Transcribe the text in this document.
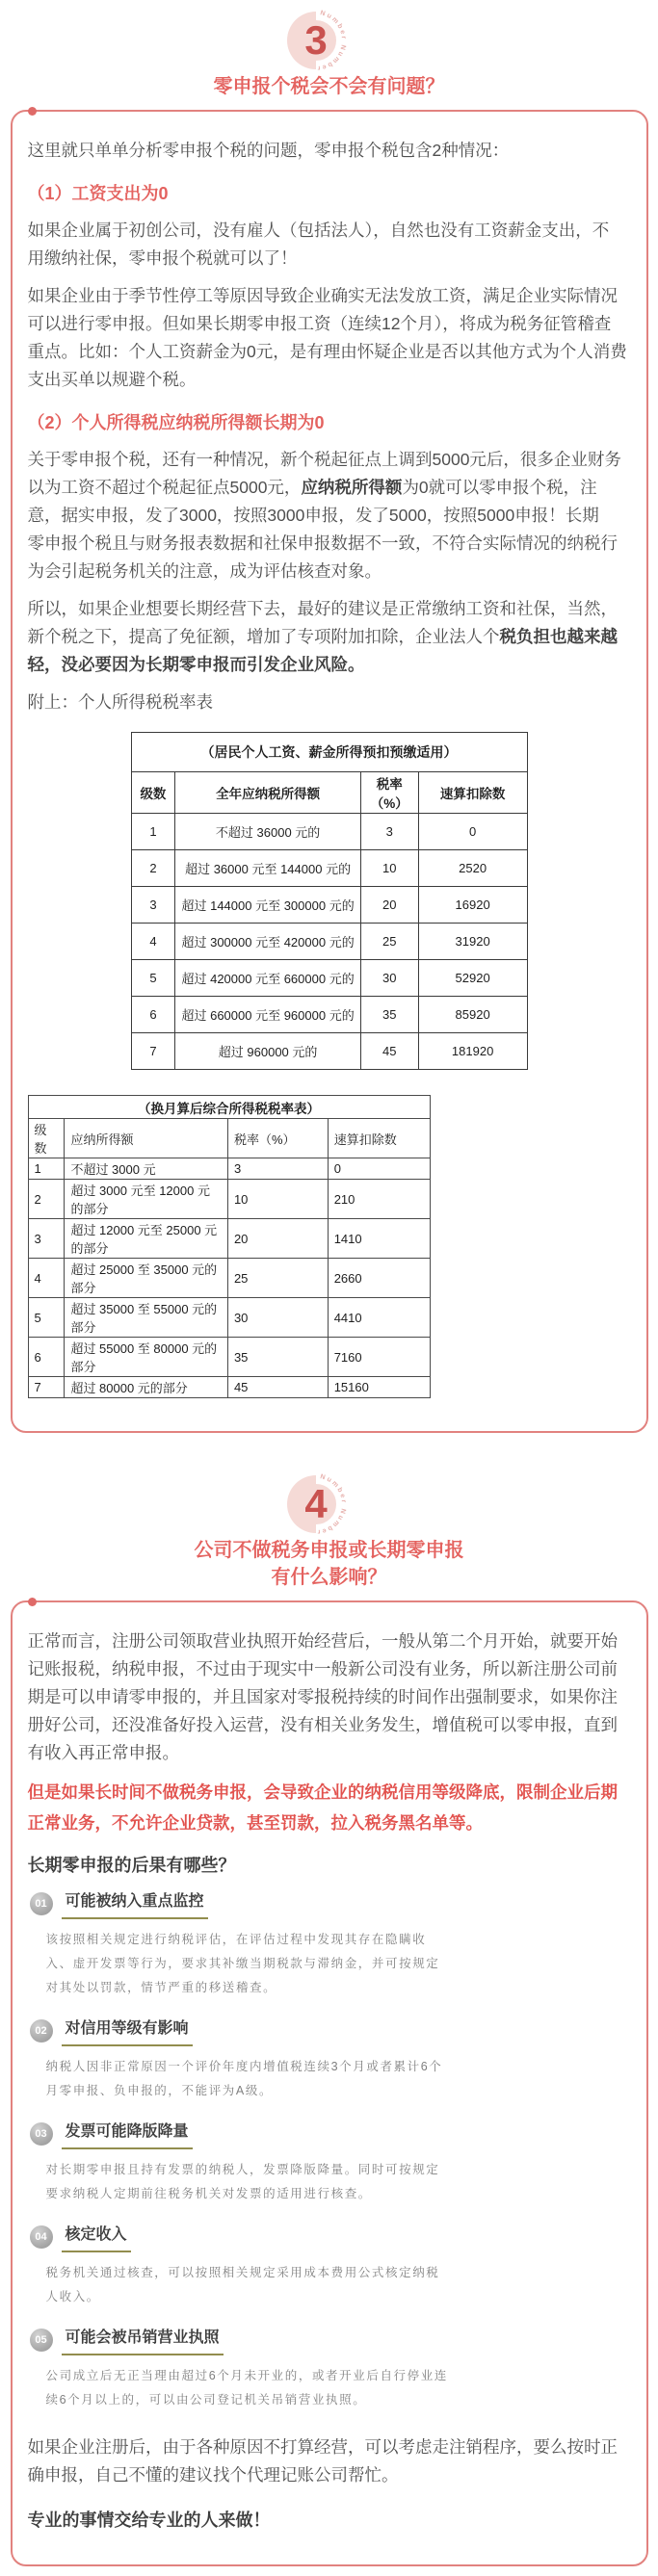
Number Number
3
零申报个税会不会有问题？

这里就只单单分析零申报个税的问题，零申报个税包含2种情况：

（1）工资支出为0

如果企业属于初创公司，没有雇人（包括法人），自然也没有工资薪金支出，不
用缴纳社保，零申报个税就可以了！

如果企业由于季节性停工等原因导致企业确实无法发放工资，满足企业实际情况
可以进行零申报。但如果长期零申报工资（连续12个月），将成为税务征管稽查
重点。比如：个人工资薪金为0元，是有理由怀疑企业是否以其他方式为个人消费
支出买单以规避个税。

（2）个人所得税应纳税所得额长期为0

关于零申报个税，还有一种情况，新个税起征点上调到5000元后，很多企业财务
以为工资不超过个税起征点5000元，应纳税所得额为0就可以零申报个税，注
意，据实申报，发了3000，按照3000申报，发了5000，按照5000申报！长期
零申报个税且与财务报表数据和社保申报数据不一致，不符合实际情况的纳税行
为会引起税务机关的注意，成为评估核查对象。

所以，如果企业想要长期经营下去，最好的建议是正常缴纳工资和社保，当然，
新个税之下，提高了免征额，增加了专项附加扣除，企业法人个税负担也越来越
轻，没必要因为长期零申报而引发企业风险。

附上：个人所得税税率表

（居民个人工资、薪金所得预扣预缴适用）			
级数	全年应纳税所得额	税率（%）	速算扣除数
1	不超过 36000 元的	3	0
2	超过 36000 元至 144000 元的	10	2520
3	超过 144000 元至 300000 元的	20	16920
4	超过 300000 元至 420000 元的	25	31920
5	超过 420000 元至 660000 元的	30	52920
6	超过 660000 元至 960000 元的	35	85920
7	超过 960000 元的	45	181920
（换月算后综合所得税税率表）			
级数	应纳所得额	税率（%）	速算扣除数
1	不超过 3000 元	3	0
2	超过 3000 元至 12000 元的部分	10	210
3	超过 12000 元至 25000 元的部分	20	1410
4	超过 25000 至 35000 元的部分	25	2660
5	超过 35000 至 55000 元的部分	30	4410
6	超过 55000 至 80000 元的部分	35	7160
7	超过 80000 元的部分	45	15160
Number Number
4
公司不做税务申报或长期零申报
有什么影响？

正常而言，注册公司领取营业执照开始经营后，一般从第二个月开始，就要开始
记账报税，纳税申报，不过由于现实中一般新公司没有业务，所以新注册公司前
期是可以申请零申报的，并且国家对零报税持续的时间作出强制要求，如果你注
册好公司，还没准备好投入运营，没有相关业务发生，增值税可以零申报，直到
有收入再正常申报。

但是如果长时间不做税务申报，会导致企业的纳税信用等级降底，限制企业后期
正常业务，不允许企业贷款，甚至罚款，拉入税务黑名单等。

长期零申报的后果有哪些？
01	可能被纳入重点监控
该按照相关规定进行纳税评估，在评估过程中发现其存在隐瞒收
入、虚开发票等行为，要求其补缴当期税款与滞纳金，并可按规定
对其处以罚款，情节严重的移送稽查。
02	对信用等级有影响
纳税人因非正常原因一个评价年度内增值税连续3个月或者累计6个
月零申报、负申报的，不能评为A级。
03	发票可能降版降量
对长期零申报且持有发票的纳税人，发票降版降量。同时可按规定
要求纳税人定期前往税务机关对发票的适用进行核查。
04	核定收入
税务机关通过核查，可以按照相关规定采用成本费用公式核定纳税
人收入。
05	可能会被吊销营业执照
公司成立后无正当理由超过6个月未开业的，或者开业后自行停业连
续6个月以上的，可以由公司登记机关吊销营业执照。

如果企业注册后，由于各种原因不打算经营，可以考虑走注销程序，要么按时正
确申报，自己不懂的建议找个代理记账公司帮忙。

专业的事情交给专业的人来做！
